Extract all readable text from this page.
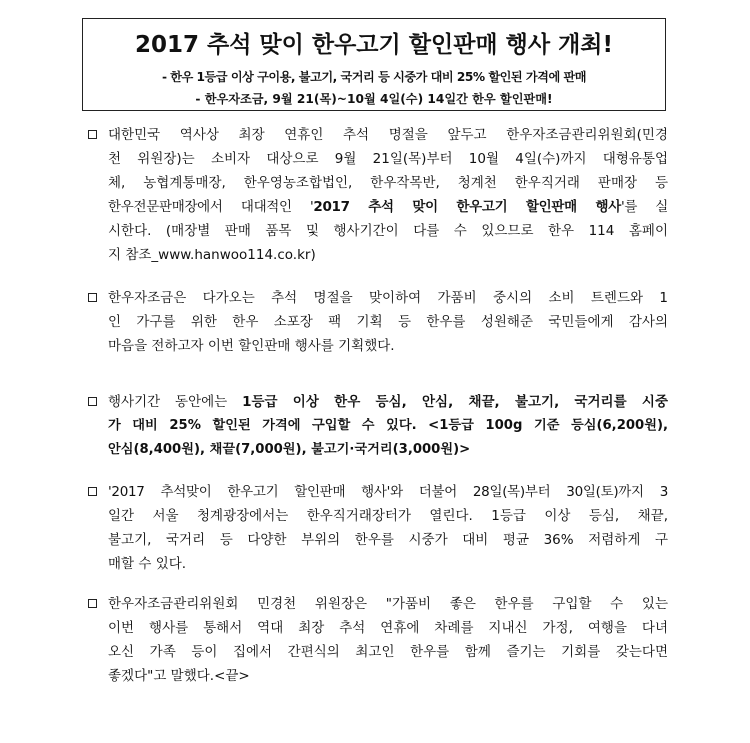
2017 추석 맞이 한우고기 할인판매 행사 개최!
- 한우 1등급 이상 구이용, 불고기, 국거리 등 시중가 대비 25% 할인된 가격에 판매
- 한우자조금, 9월 21(목)~10월 4일(수) 14일간 한우 할인판매!
대한민국 역사상 최장 연휴인 추석 명절을 앞두고 한우자조금관리위원회(민경
천 위원장)는 소비자 대상으로 9월 21일(목)부터 10월 4일(수)까지 대형유통업
체, 농협계통매장, 한우영농조합법인, 한우작목반, 청계천 한우직거래 판매장 등
한우전문판매장에서 대대적인 '2017 추석 맞이 한우고기 할인판매 행사'를 실
시한다. (매장별 판매 품목 및 행사기간이 다를 수 있으므로 한우 114 홈페이
지 참조_www.hanwoo114.co.kr)
한우자조금은 다가오는 추석 명절을 맞이하여 가품비 중시의 소비 트렌드와 1
인 가구를 위한 한우 소포장 팩 기획 등 한우를 성원해준 국민들에게 감사의
마음을 전하고자 이번 할인판매 행사를 기획했다.
행사기간 동안에는 1등급 이상 한우 등심, 안심, 채끝, 불고기, 국거리를 시중
가 대비 25% 할인된 가격에 구입할 수 있다. <1등급 100g 기준 등심(6,200원),
안심(8,400원), 채끝(7,000원), 불고기·국거리(3,000원)>
'2017 추석맞이 한우고기 할인판매 행사'와 더불어 28일(목)부터 30일(토)까지 3
일간 서울 청계광장에서는 한우직거래장터가 열린다. 1등급 이상 등심, 채끝,
불고기, 국거리 등 다양한 부위의 한우를 시중가 대비 평균 36% 저렴하게 구
매할 수 있다.
한우자조금관리위원회 민경천 위원장은 "가품비 좋은 한우를 구입할 수 있는
이번 행사를 통해서 역대 최장 추석 연휴에 차례를 지내신 가정, 여행을 다녀
오신 가족 등이 집에서 간편식의 최고인 한우를 함께 즐기는 기회를 갖는다면
좋겠다"고 말했다.<끝>
